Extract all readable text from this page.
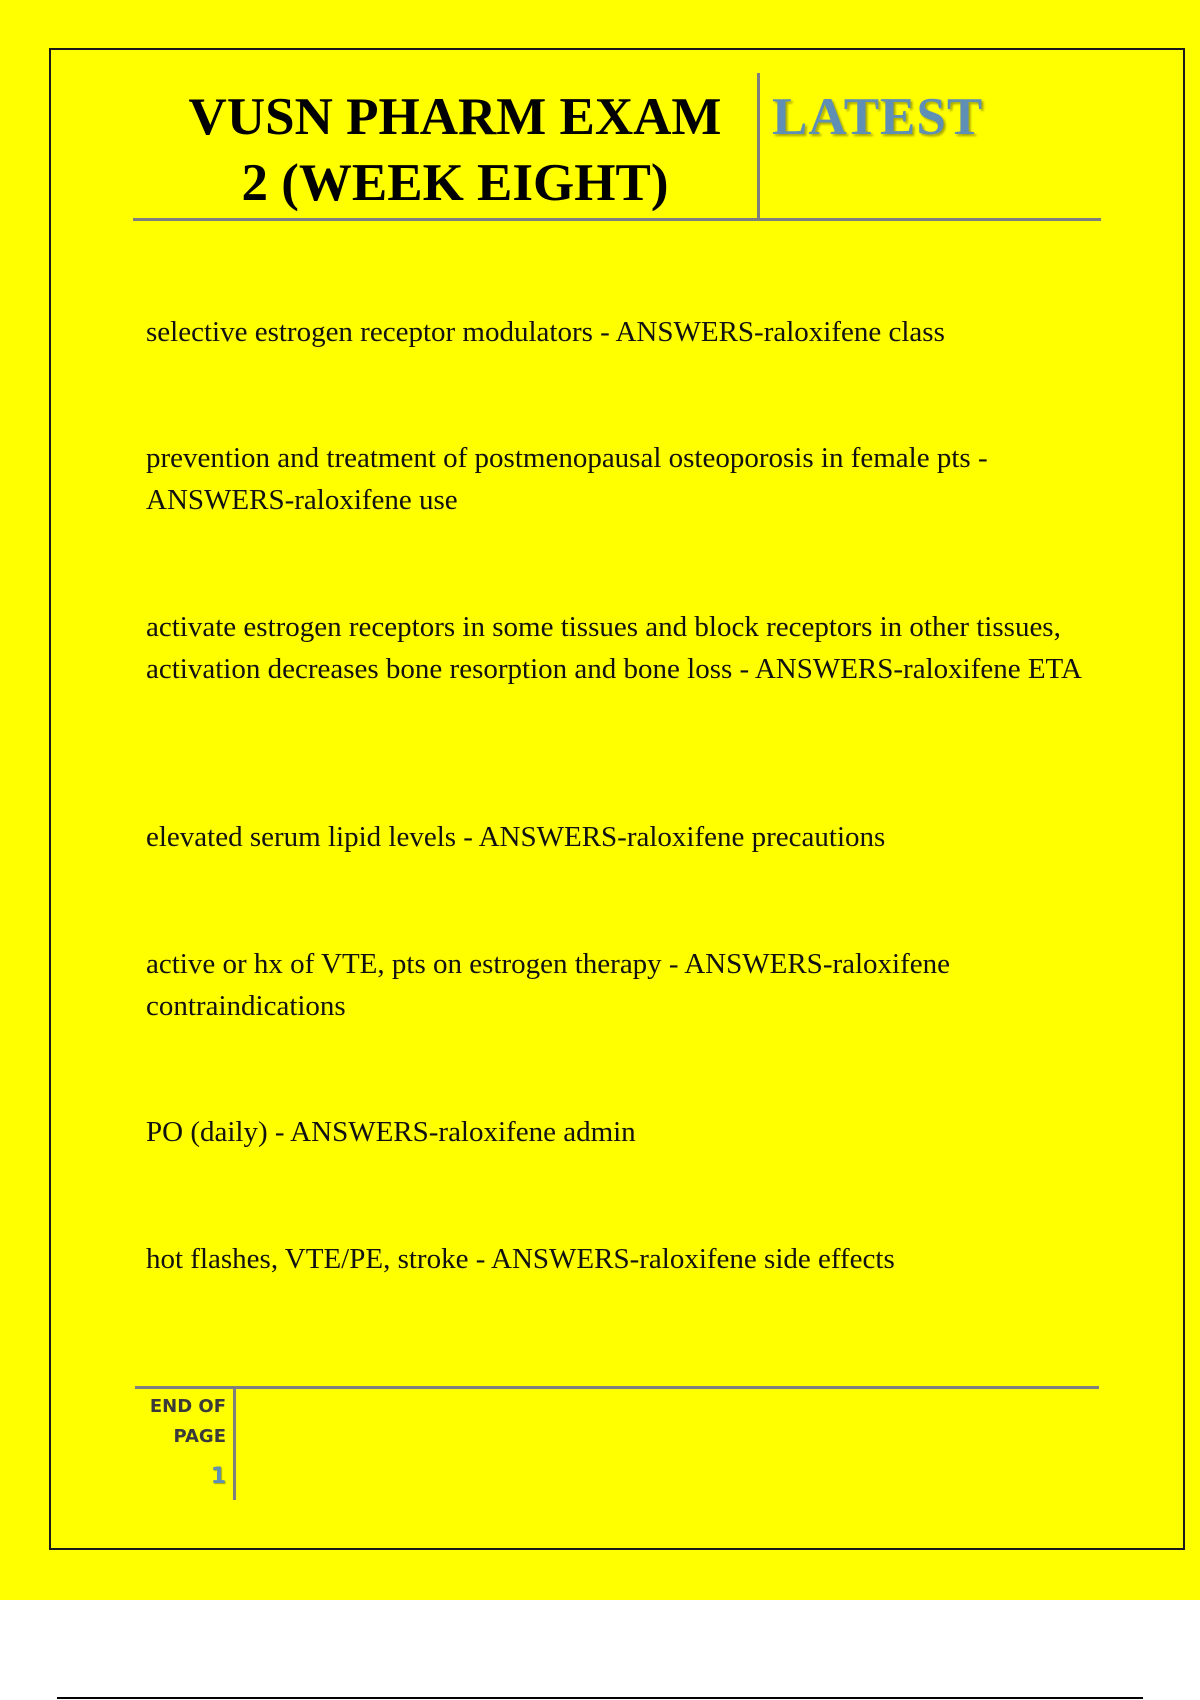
VUSN PHARM EXAM
2 (WEEK EIGHT)
LATEST

selective estrogen receptor modulators - ANSWERS-raloxifene class

prevention and treatment of postmenopausal osteoporosis in female pts - ANSWERS-raloxifene use

activate estrogen receptors in some tissues and block receptors in other tissues, activation decreases bone resorption and bone loss - ANSWERS-raloxifene ETA

elevated serum lipid levels - ANSWERS-raloxifene precautions

active or hx of VTE, pts on estrogen therapy - ANSWERS-raloxifene contraindications

PO (daily) - ANSWERS-raloxifene admin

hot flashes, VTE/PE, stroke - ANSWERS-raloxifene side effects

END OF
PAGE
1
